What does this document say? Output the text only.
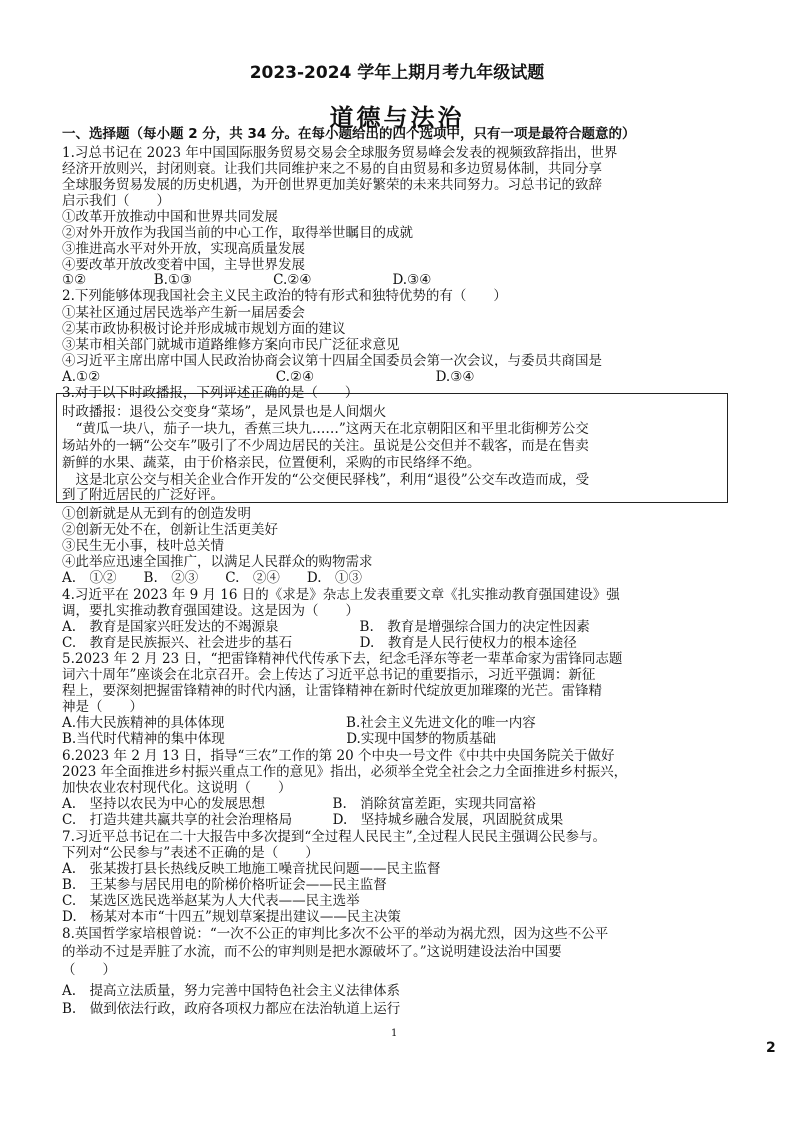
2023-2024 学年上期月考九年级试题
道德与法治
一、选择题（每小题 2 分，共 34 分。在每小题给出的四个选项中，只有一项是最符合题意的）
1.习总书记在 2023 年中国国际服务贸易交易会全球服务贸易峰会发表的视频致辞指出，世界
经济开放则兴，封闭则衰。让我们共同维护来之不易的自由贸易和多边贸易体制，共同分享
全球服务贸易发展的历史机遇，为开创世界更加美好繁荣的未来共同努力。习总书记的致辞
启示我们（　　）
①改革开放推动中国和世界共同发展
②对外开放作为我国当前的中心工作，取得举世瞩目的成就
③推进高水平对外开放，实现高质量发展
④要改革开放改变着中国，主导世界发展
①②　　　　　B.①③　　　　　　C.②④　　　　　　D.③④
2.下列能够体现我国社会主义民主政治的特有形式和独特优势的有（　　）
①某社区通过居民选举产生新一届居委会
②某市政协积极讨论并形成城市规划方面的建议
③某市相关部门就城市道路维修方案向市民广泛征求意见
④习近平主席出席中国人民政治协商会议第十四届全国委员会第一次会议，与委员共商国是
A.①②　　　　　　　　　　　　　C.②④　　　　　　　　　D.③④
3.对于以下时政播报，下列评述正确的是（　　）
时政播报：退役公交变身“菜场”，是风景也是人间烟火
　“黄瓜一块八，茄子一块九，香蕉三块九……”这两天在北京朝阳区和平里北街柳芳公交
场站外的一辆“公交车”吸引了不少周边居民的关注。虽说是公交但并不载客，而是在售卖
新鲜的水果、蔬菜，由于价格亲民，位置便利，采购的市民络绎不绝。
　这是北京公交与相关企业合作开发的“公交便民驿栈”，利用“退役”公交车改造而成，受
到了附近居民的广泛好评。
①创新就是从无到有的创造发明
②创新无处不在，创新让生活更美好
③民生无小事，枝叶总关情
④此举应迅速全国推广，以满足人民群众的购物需求
A.　①②　　B.　②③　　C.　②④　　D.　①③
4.习近平在 2023 年 9 月 16 日的《求是》杂志上发表重要文章《扎实推动教育强国建设》强
调，要扎实推动教育强国建设。这是因为（　　）
A.　教育是国家兴旺发达的不竭源泉　　　　　　B.　教育是增强综合国力的决定性因素
C.　教育是民族振兴、社会进步的基石　　　　　D.　教育是人民行使权力的根本途径
5.2023 年 2 月 23 日，“把雷锋精神代代传承下去，纪念毛泽东等老一辈革命家为雷锋同志题
词六十周年”座谈会在北京召开。会上传达了习近平总书记的重要指示，习近平强调：新征
程上，要深刻把握雷锋精神的时代内涵，让雷锋精神在新时代绽放更加璀璨的光芒。雷锋精
神是（　　）
A.伟大民族精神的具体体现　　　　　　　　　B.社会主义先进文化的唯一内容
B.当代时代精神的集中体现　　　　　　　　　D.实现中国梦的物质基础
6.2023 年 2 月 13 日，指导“三农”工作的第 20 个中央一号文件《中共中央国务院关于做好
2023 年全面推进乡村振兴重点工作的意见》指出，必须举全党全社会之力全面推进乡村振兴，
加快农业农村现代化。这说明（　　）
A.　坚持以农民为中心的发展思想　　　　　B.　消除贫富差距，实现共同富裕
C.　打造共建共赢共享的社会治理格局　　　D.　坚持城乡融合发展，巩固脱贫成果
7.习近平总书记在二十大报告中多次提到“全过程人民民主”,全过程人民民主强调公民参与。
下列对“公民参与”表述不正确的是（　　）
A.　张某拨打县长热线反映工地施工噪音扰民问题——民主监督
B.　王某参与居民用电的阶梯价格听证会——民主监督
C.　某选区选民选举赵某为人大代表——民主选举
D.　杨某对本市“十四五”规划草案提出建议——民主决策
8.英国哲学家培根曾说：“一次不公正的审判比多次不公平的举动为祸尤烈，因为这些不公平
的举动不过是弄脏了水流，而不公的审判则是把水源破坏了。”这说明建设法治中国要
（　　）
A.　提高立法质量，努力完善中国特色社会主义法律体系
B.　做到依法行政，政府各项权力都应在法治轨道上运行
1
2
